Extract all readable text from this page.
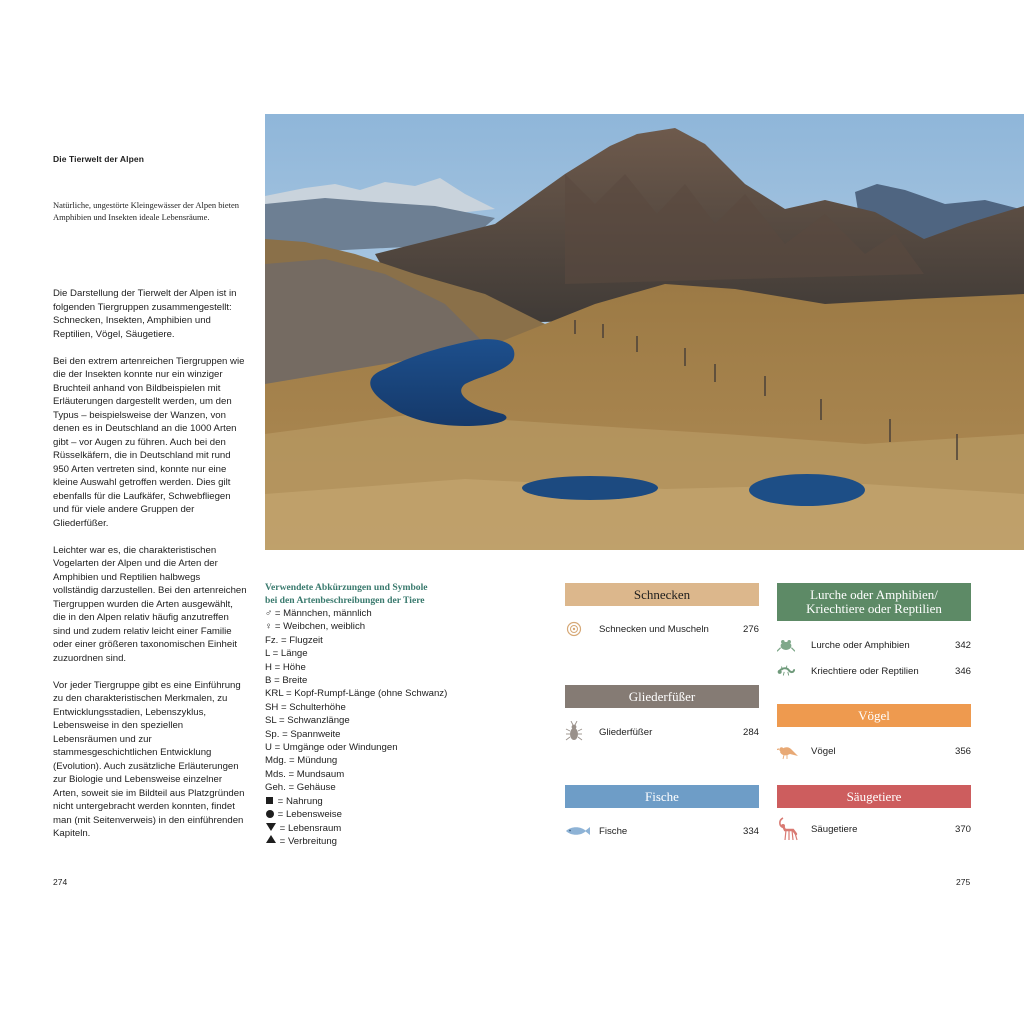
Die Tierwelt der Alpen
Natürliche, ungestörte Kleingewässer der Alpen bieten Amphibien und Insekten ideale Lebensräume.

Die Darstellung der Tierwelt der Alpen ist in folgenden Tiergruppen zusammengestellt: Schnecken, Insekten, Amphibien und Reptilien, Vögel, Säugetiere.

Bei den extrem artenreichen Tiergruppen wie die der Insekten konnte nur ein winziger Bruchteil anhand von Bildbeispielen mit Erläuterungen dargestellt werden, um den Typus – beispielsweise der Wanzen, von denen es in Deutschland an die 1000 Arten gibt – vor Augen zu führen. Auch bei den Rüsselkäfern, die in Deutschland mit rund 950 Arten vertreten sind, konnte nur eine kleine Auswahl getroffen werden. Dies gilt ebenfalls für die Laufkäfer, Schwebfliegen und für viele andere Gruppen der Gliederfüßer.

Leichter war es, die charakteristischen Vogelarten der Alpen und die Arten der Amphibien und Reptilien halbwegs vollständig darzustellen. Bei den artenreichen Tiergruppen wurden die Arten ausgewählt, die in den Alpen relativ häufig anzutreffen sind und zudem relativ leicht einer Familie oder einer größeren taxonomischen Einheit zuzuordnen sind.

Vor jeder Tiergruppe gibt es eine Einführung zu den charakteristischen Merkmalen, zu Entwicklungsstadien, Lebenszyklus, Lebensweise in den speziellen Lebensräumen und zur stammesgeschichtlichen Entwicklung (Evolution). Auch zusätzliche Erläuterungen zur Biologie und Lebensweise einzelner Arten, soweit sie im Bildteil aus Platzgründen nicht untergebracht werden konnten, findet man (mit Seitenverweis) in den einführenden Kapiteln.

Verwendete Abkürzungen und Symbole
bei den Artenbeschreibungen der Tiere
♂ = Männchen, männlich
♀ = Weibchen, weiblich
Fz. = Flugzeit
L = Länge
H = Höhe
B = Breite
KRL = Kopf-Rumpf-Länge (ohne Schwanz)
SH = Schulterhöhe
SL = Schwanzlänge
Sp. = Spannweite
U = Umgänge oder Windungen
Mdg. = Mündung
Mds. = Mundsaum
Geh. = Gehäuse
= Nahrung
= Lebensweise
= Lebensraum
= Verbreitung
Schnecken
Schnecken und Muscheln	276
Gliederfüßer
Gliederfüßer	284
Fische
Fische	334
Lurche oder Amphibien/
Kriechtiere oder Reptilien
Lurche oder Amphibien	342
Kriechtiere oder Reptilien	346
Vögel
Vögel	356
Säugetiere
Säugetiere	370
274	275
